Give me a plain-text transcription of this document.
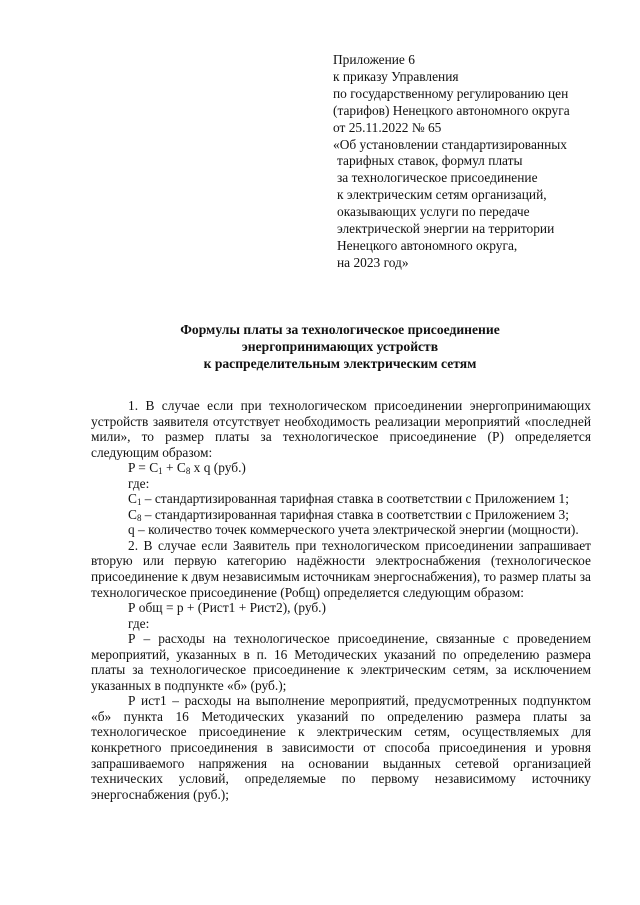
Приложение 6
к приказу Управления
по государственному регулированию цен
(тарифов) Ненецкого автономного округа
от 25.11.2022 № 65
«Об установлении стандартизированных
тарифных ставок, формул платы
за технологическое присоединение
к электрическим сетям организаций,
оказывающих услуги по передаче
электрической энергии на территории
Ненецкого автономного округа,
на 2023 год»
Формулы платы за технологическое присоединение
энергопринимающих устройств
к распределительным электрическим сетям

1. В случае если при технологическом присоединении энергопринимающих устройств заявителя отсутствует необходимость реализации мероприятий «последней мили», то размер платы за технологическое присоединение (P) определяется следующим образом:

$P = C_1 + C_8$ x q (руб.)
где:
$C_1$ – стандартизированная тарифная ставка в соответствии с Приложением 1;
$C_8$ – стандартизированная тарифная ставка в соответствии с Приложением 3;

q – количество точек коммерческого учета электрической энергии (мощности).

2. В случае если Заявитель при технологическом присоединении запрашивает вторую или первую категорию надёжности электроснабжения (технологическое присоединение к двум независимым источникам энергоснабжения), то размер платы за технологическое присоединение (Робщ) определяется следующим образом:

Р общ = р + (Рист1 + Рист2), (руб.)
где:

Р – расходы на технологическое присоединение, связанные с проведением мероприятий, указанных в п. 16 Методических указаний по определению размера платы за технологическое присоединение к электрическим сетям, за исключением указанных в подпункте «б» (руб.);

Р ист1 – расходы на выполнение мероприятий, предусмотренных подпунктом «б» пункта 16 Методических указаний по определению размера платы за технологическое присоединение к электрическим сетям, осуществляемых для конкретного присоединения в зависимости от способа присоединения и уровня запрашиваемого напряжения на основании выданных сетевой организацией технических условий, определяемые по первому независимому источнику энергоснабжения (руб.);
